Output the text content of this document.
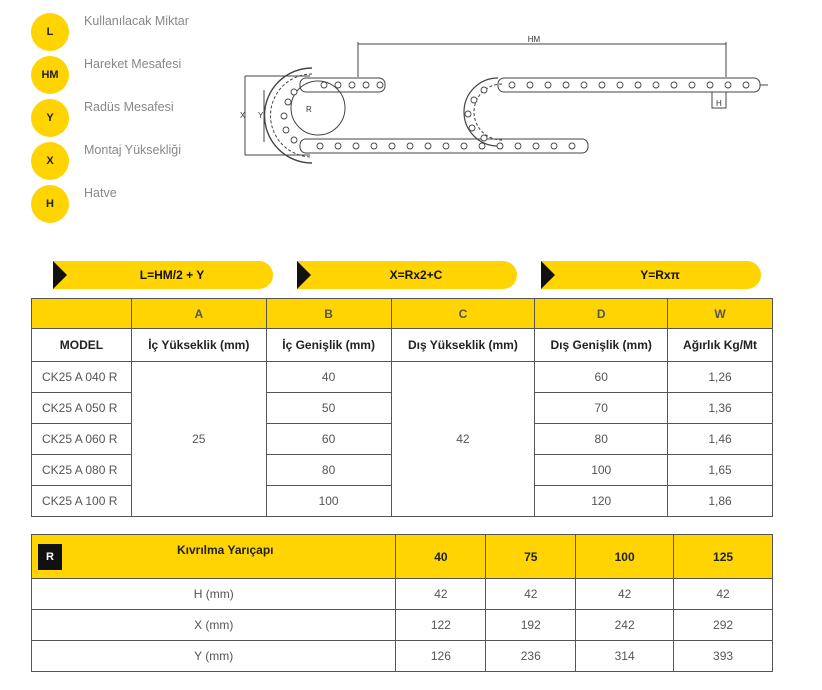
L
Kullanılacak Miktar
HM
Hareket Mesafesi
Y
Radüs Mesafesi
X
Montaj Yüksekliği
H
Hatve
HM
H
X Y
R
L=HM/2 + Y	X=Rx2+C	Y=Rxπ
	A	B	C	D	W
MODEL	İç Yükseklik (mm)	İç Genişlik (mm)	Dış Yükseklik (mm)	Dış Genişlik (mm)	Ağırlık Kg/Mt
CK25 A 040 R	25	40	42	60	1,26
CK25 A 050 R		50		70	1,36
CK25 A 060 R		60		80	1,46
CK25 A 080 R		80		100	1,65
CK25 A 100 R		100		120	1,86
R Kıvrılma Yarıçapı	40	75	100	125
H (mm)	42	42	42	42
X (mm)	122	192	242	292
Y (mm)	126	236	314	393
